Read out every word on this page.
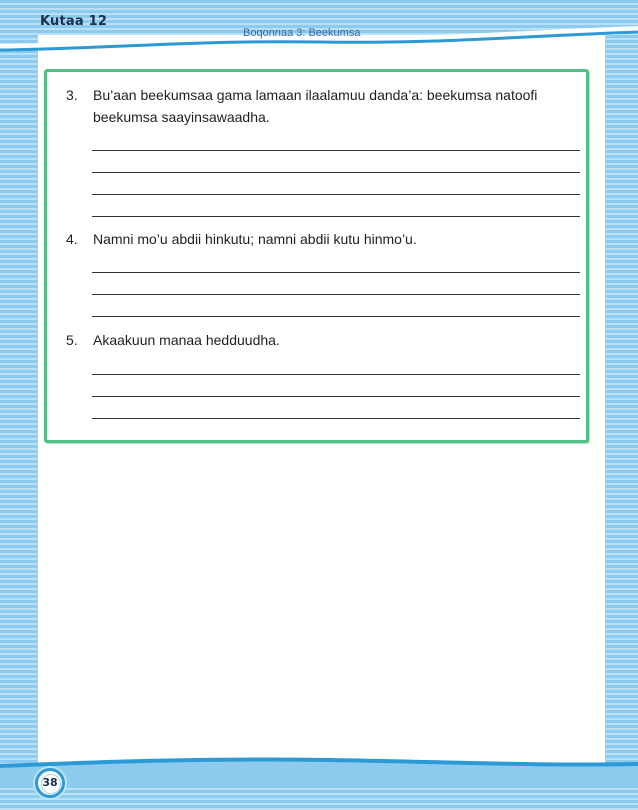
Kutaa 12
Boqonnaa 3: Beekumsa
3. Bu’aan beekumsaa gama lamaan ilaalamuu danda’a: beekumsa natoofi beekumsa saayinsawaadha.
4. Namni mo’u abdii hinkutu; namni abdii kutu hinmo’u.
5. Akaakuun manaa hedduudha.
38
